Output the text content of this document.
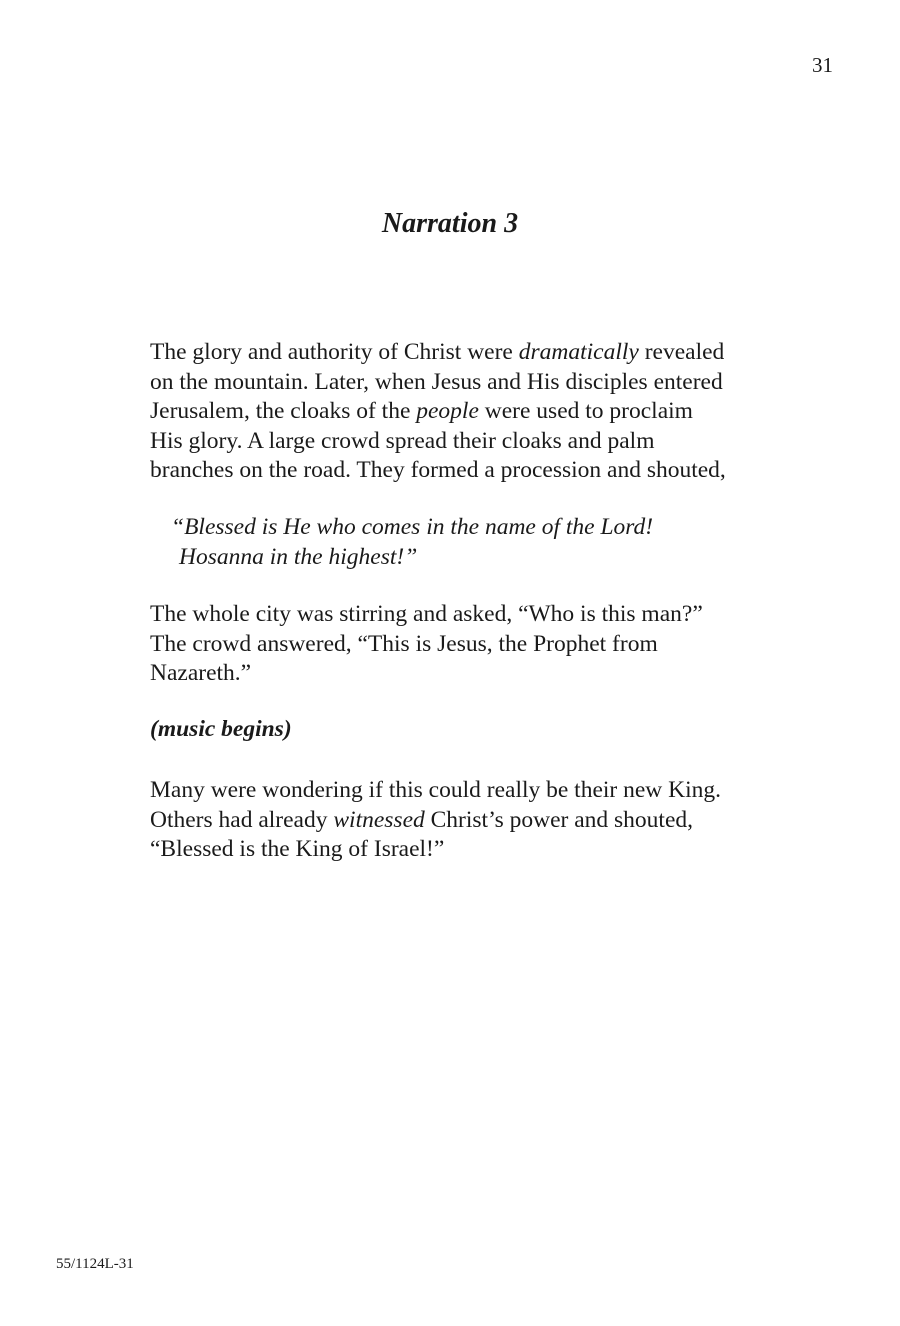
31
Narration 3
The glory and authority of Christ were dramatically revealed
on the mountain. Later, when Jesus and His disciples entered
Jerusalem, the cloaks of the people were used to proclaim
His glory. A large crowd spread their cloaks and palm
branches on the road. They formed a procession and shouted,
“Blessed is He who comes in the name of the Lord!
Hosanna in the highest!”
The whole city was stirring and asked, “Who is this man?”
The crowd answered, “This is Jesus, the Prophet from
Nazareth.”
(music begins)
Many were wondering if this could really be their new King.
Others had already witnessed Christ’s power and shouted,
“Blessed is the King of Israel!”
55/1124L-31
